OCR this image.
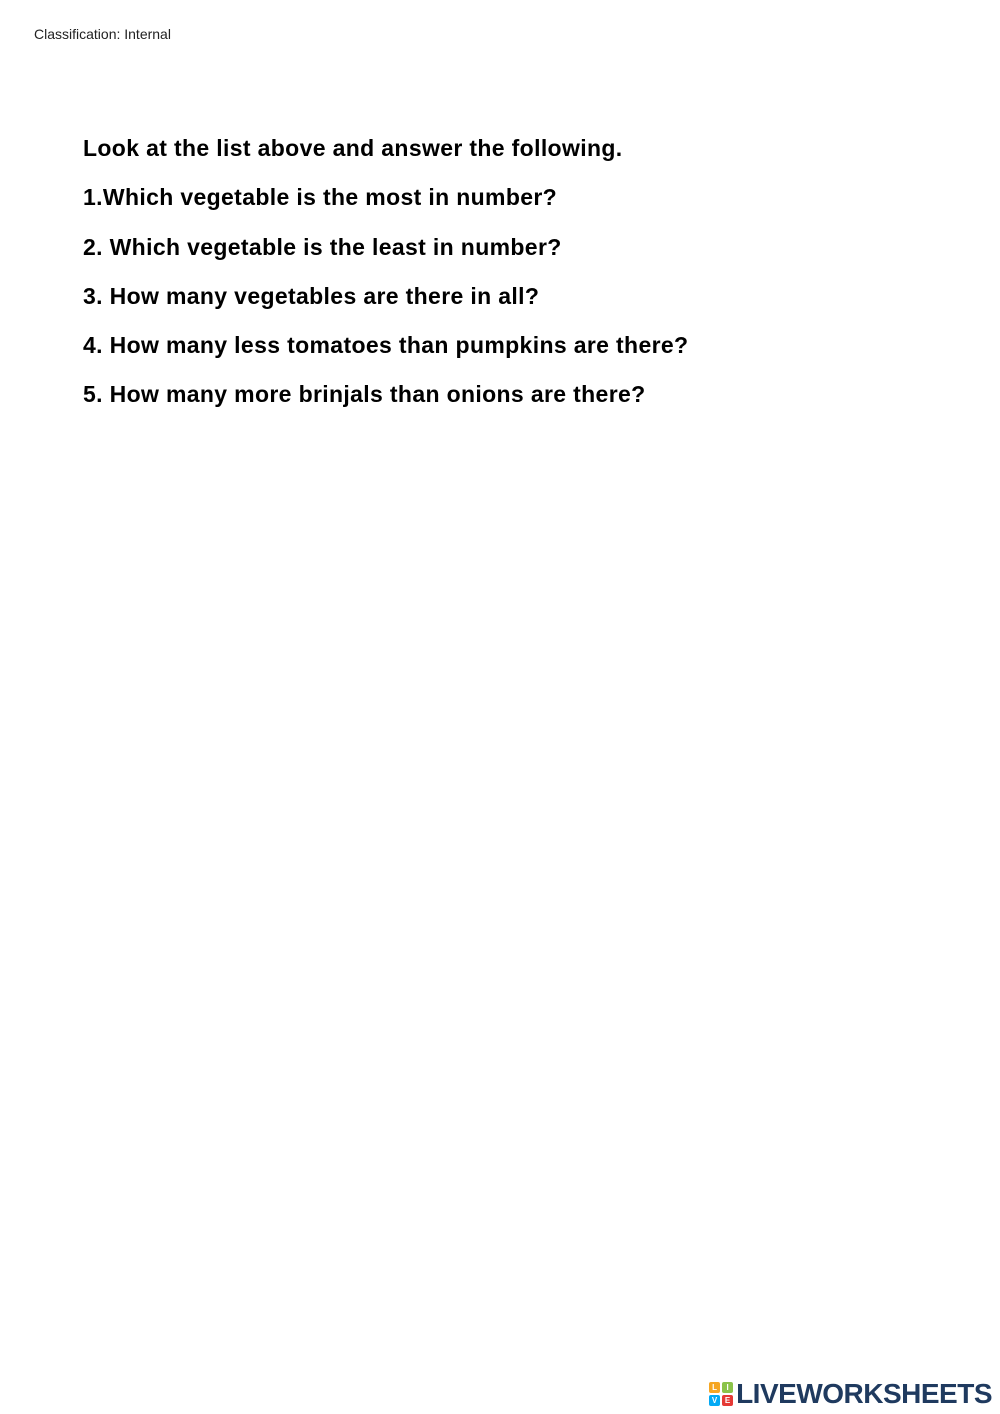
Classification: Internal
Look at the list above and answer the following.
1.Which vegetable is the most in number?
2. Which vegetable is the least in number?
3. How many vegetables are there in all?
4. How many less tomatoes than pumpkins are there?
5. How many more brinjals than onions are there?
L	I
V E LIVEWORKSHEETS
